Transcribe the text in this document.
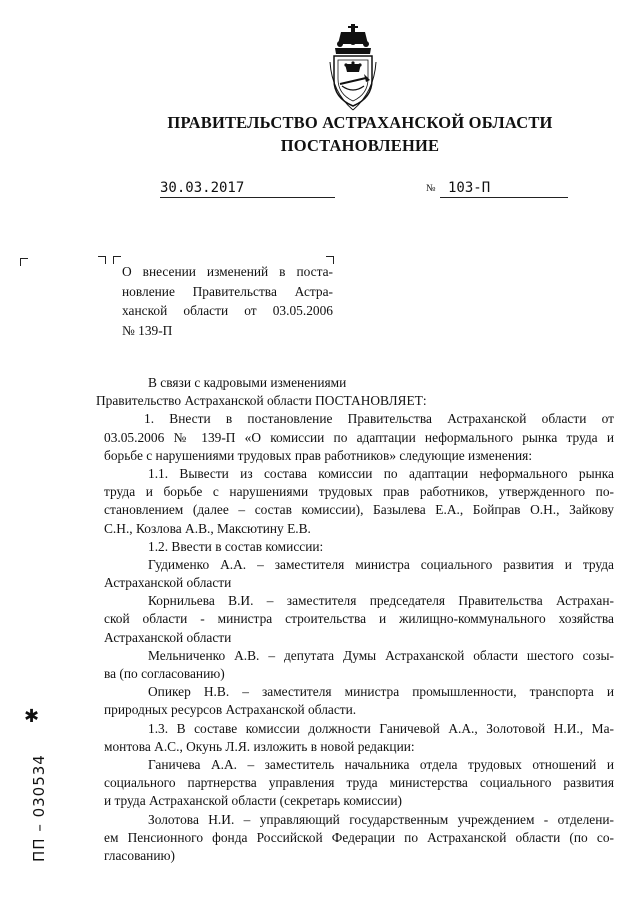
ПРАВИТЕЛЬСТВО АСТРАХАНСКОЙ ОБЛАСТИ
ПОСТАНОВЛЕНИЕ
30.03.2017	№ 103-П
О внесении изменений в поста-
новление Правительства Астра-
ханской области от 03.05.2006
№ 139-П
В связи с кадровыми изменениями
Правительство Астраханской области ПОСТАНОВЛЯЕТ:
1. Внести в постановление Правительства Астраханской области от
03.05.2006 № 139-П «О комиссии по адаптации неформального рынка труда и
борьбе с нарушениями трудовых прав работников» следующие изменения:
1.1. Вывести из состава комиссии по адаптации неформального рынка
труда и борьбе с нарушениями трудовых прав работников, утвержденного по-
становлением (далее – состав комиссии), Базылева Е.А., Бойправ О.Н., Зайкову
С.Н., Козлова А.В., Максютину Е.В.
1.2. Ввести в состав комиссии:
Гудименко А.А. – заместителя министра социального развития и труда
Астраханской области
Корнильева В.И. – заместителя председателя Правительства Астрахан-
ской области - министра строительства и жилищно-коммунального хозяйства
Астраханской области
Мельниченко А.В. – депутата Думы Астраханской области шестого созы-
ва (по согласованию)
Опикер Н.В. – заместителя министра промышленности, транспорта и
природных ресурсов Астраханской области.
1.3. В составе комиссии должности Ганичевой А.А., Золотовой Н.И., Ма-
монтова А.С., Окунь Л.Я. изложить в новой редакции:
Ганичева А.А. – заместитель начальника отдела трудовых отношений и
социального партнерства управления труда министерства социального развития
и труда Астраханской области (секретарь комиссии)
Золотова Н.И. – управляющий государственным учреждением - отделени-
ем Пенсионного фонда Российской Федерации по Астраханской области (по со-
гласованию)
✱
ПП – 030534
